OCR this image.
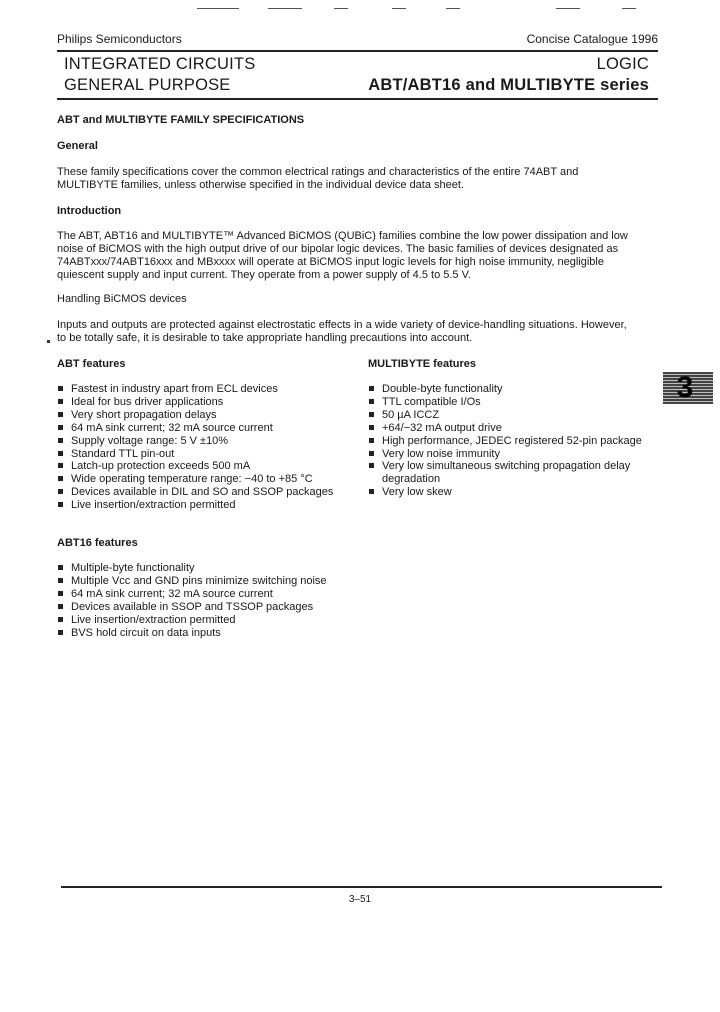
Philips Semiconductors	Concise Catalogue 1996
INTEGRATED CIRCUITS
GENERAL PURPOSE
LOGIC
ABT/ABT16 and MULTIBYTE series
ABT and MULTIBYTE FAMILY SPECIFICATIONS
General
These family specifications cover the common electrical ratings and characteristics of the entire 74ABT and
MULTIBYTE families, unless otherwise specified in the individual device data sheet.
Introduction
The ABT, ABT16 and MULTIBYTE™ Advanced BiCMOS (QUBiC) families combine the low power dissipation and low
noise of BiCMOS with the high output drive of our bipolar logic devices. The basic families of devices designated as
74ABTxxx/74ABT16xxx and MBxxxx will operate at BiCMOS input logic levels for high noise immunity, negligible
quiescent supply and input current. They operate from a power supply of 4.5 to 5.5 V.
Handling BiCMOS devices
Inputs and outputs are protected against electrostatic effects in a wide variety of device-handling situations. However,
to be totally safe, it is desirable to take appropriate handling precautions into account.
ABT features
Fastest in industry apart from ECL devices
Ideal for bus driver applications
Very short propagation delays
64 mA sink current; 32 mA source current
Supply voltage range: 5 V ±10%
Standard TTL pin-out
Latch-up protection exceeds 500 mA
Wide operating temperature range: −40 to +85 °C
Devices available in DIL and SO and SSOP packages
Live insertion/extraction permitted
MULTIBYTE features
Double-byte functionality
TTL compatible I/Os
50 µA ICCZ
+64/−32 mA output drive
High performance, JEDEC registered 52-pin package
Very low noise immunity
Very low simultaneous switching propagation delay
degradation
Very low skew
3
ABT16 features
Multiple-byte functionality
Multiple Vcc and GND pins minimize switching noise
64 mA sink current; 32 mA source current
Devices available in SSOP and TSSOP packages
Live insertion/extraction permitted
BVS hold circuit on data inputs
3–51
